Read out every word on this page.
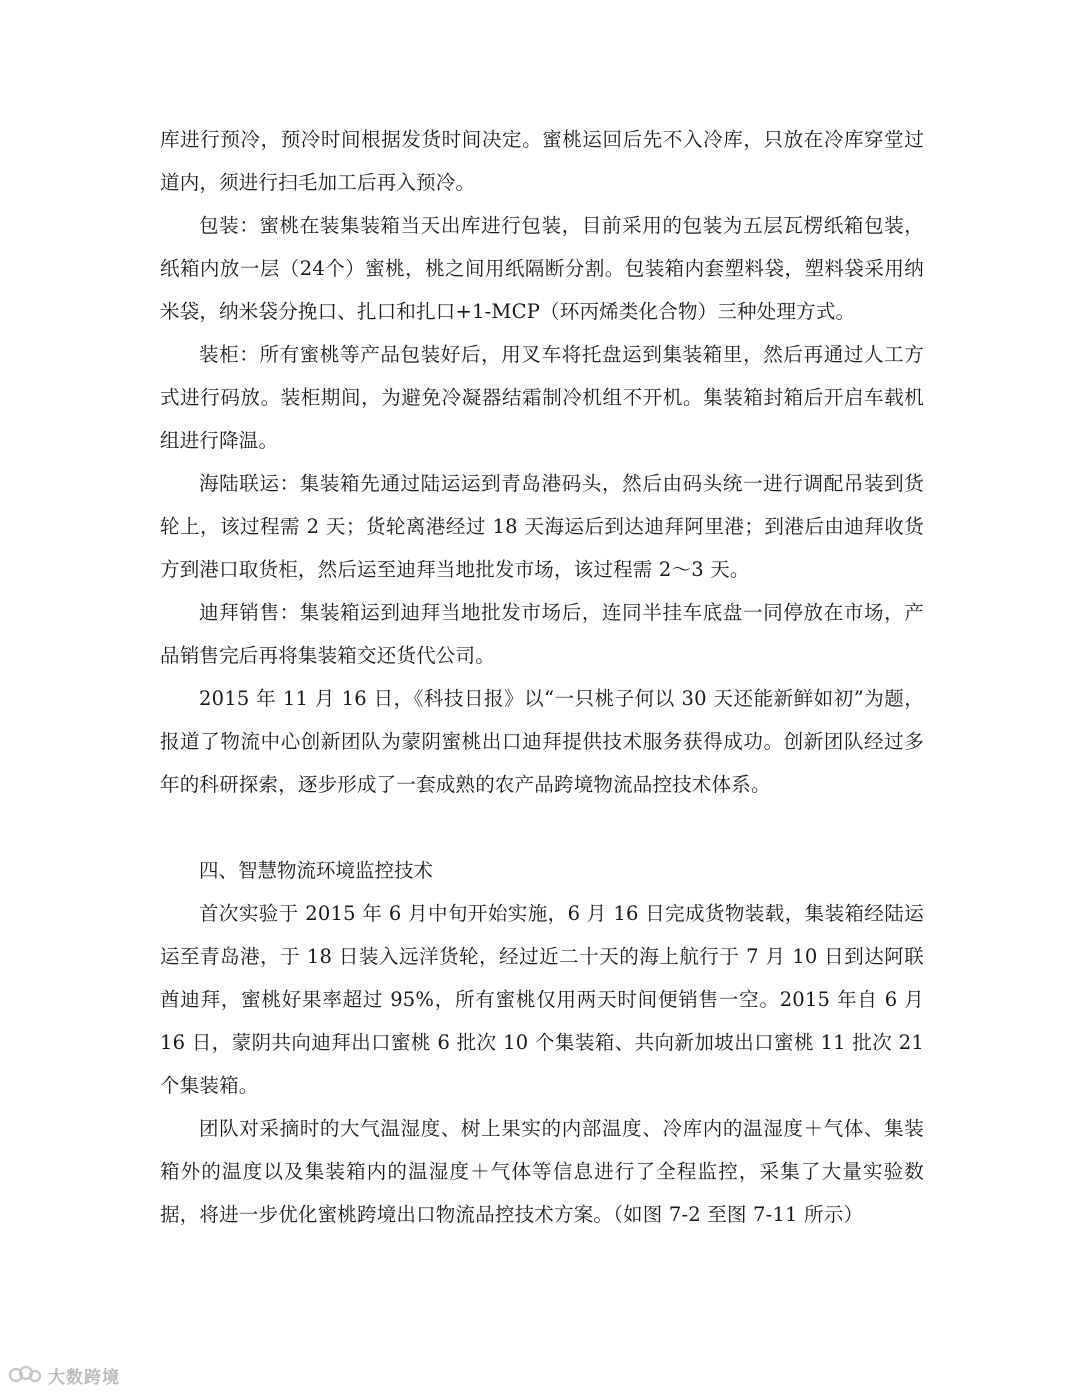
库进行预冷，预冷时间根据发货时间决定。蜜桃运回后先不入冷库，只放在冷库穿堂过道内，须进行扫毛加工后再入预冷。

包装：蜜桃在装集装箱当天出库进行包装，目前采用的包装为五层瓦楞纸箱包装，纸箱内放一层（24个）蜜桃，桃之间用纸隔断分割。包装箱内套塑料袋，塑料袋采用纳米袋，纳米袋分挽口、扎口和扎口+1-MCP（环丙烯类化合物）三种处理方式。

装柜：所有蜜桃等产品包装好后，用叉车将托盘运到集装箱里，然后再通过人工方式进行码放。装柜期间，为避免冷凝器结霜制冷机组不开机。集装箱封箱后开启车载机组进行降温。

海陆联运：集装箱先通过陆运运到青岛港码头，然后由码头统一进行调配吊装到货轮上，该过程需 2 天；货轮离港经过 18 天海运后到达迪拜阿里港；到港后由迪拜收货方到港口取货柜，然后运至迪拜当地批发市场，该过程需 2～3 天。

迪拜销售：集装箱运到迪拜当地批发市场后，连同半挂车底盘一同停放在市场，产品销售完后再将集装箱交还货代公司。

2015 年 11 月 16 日，《科技日报》以“一只桃子何以 30 天还能新鲜如初”为题，报道了物流中心创新团队为蒙阴蜜桃出口迪拜提供技术服务获得成功。创新团队经过多年的科研探索，逐步形成了一套成熟的农产品跨境物流品控技术体系。

四、智慧物流环境监控技术

首次实验于 2015 年 6 月中旬开始实施，6 月 16 日完成货物装载，集装箱经陆运运至青岛港，于 18 日装入远洋货轮，经过近二十天的海上航行于 7 月 10 日到达阿联酋迪拜，蜜桃好果率超过 95%，所有蜜桃仅用两天时间便销售一空。2015 年自 6 月 16 日，蒙阴共向迪拜出口蜜桃 6 批次 10 个集装箱、共向新加坡出口蜜桃 11 批次 21 个集装箱。

团队对采摘时的大气温湿度、树上果实的内部温度、冷库内的温湿度＋气体、集装箱外的温度以及集装箱内的温湿度＋气体等信息进行了全程监控，采集了大量实验数据，将进一步优化蜜桃跨境出口物流品控技术方案。（如图 7-2 至图 7-11 所示）

大数跨境
